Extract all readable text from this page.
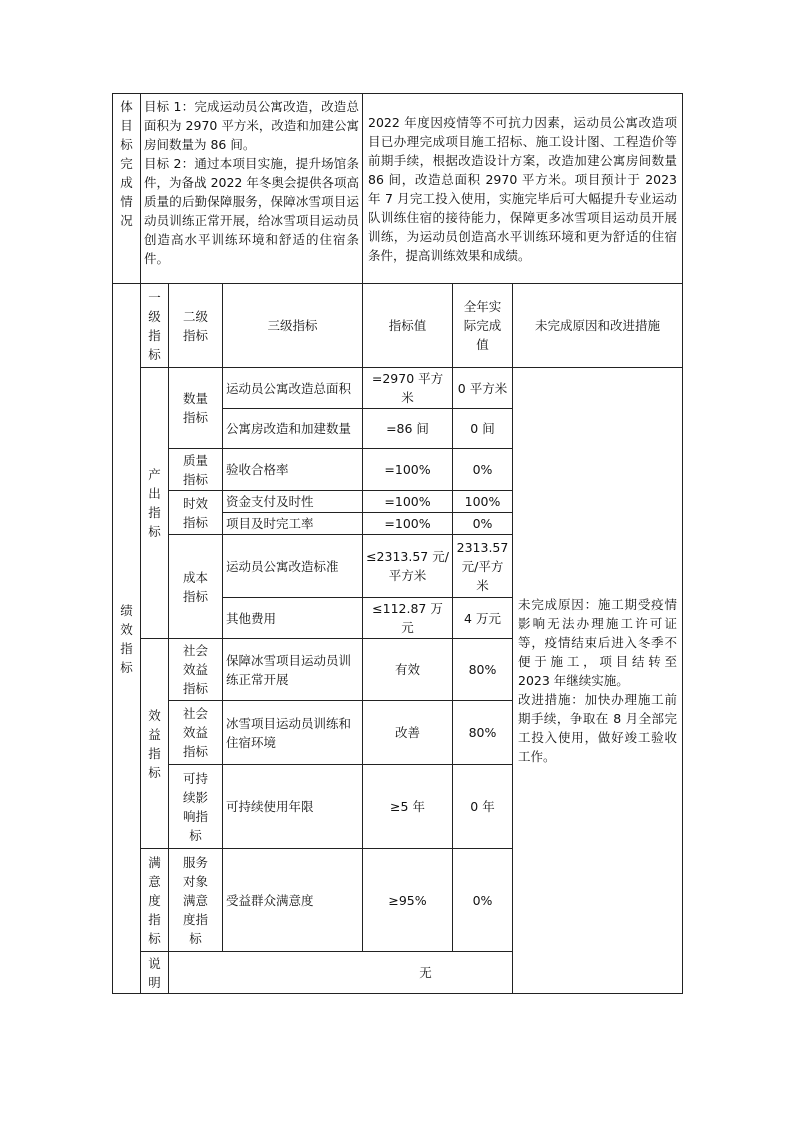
体目标完成情况	目标 1：完成运动员公寓改造，改造总面积为 2970 平方米，改造和加建公寓房间数量为 86 间。
目标 2：通过本项目实施，提升场馆条件，为备战 2022 年冬奥会提供各项高质量的后勤保障服务，保障冰雪项目运动员训练正常开展，给冰雪项目运动员创造高水平训练环境和舒适的住宿条件。			2022 年度因疫情等不可抗力因素，运动员公寓改造项目已办理完成项目施工招标、施工设计图、工程造价等前期手续，根据改造设计方案，改造加建公寓房间数量 86 间，改造总面积 2970 平方米。项目预计于 2023 年 7 月完工投入使用，实施完毕后可大幅提升专业运动队训练住宿的接待能力，保障更多冰雪项目运动员开展训练，为运动员创造高水平训练环境和更为舒适的住宿条件，提高训练效果和成绩。		
绩效指标	一级指标	二级指标	三级指标	指标值	全年实际完成值	未完成原因和改进措施
	产出指标	数量指标	运动员公寓改造总面积	=2970 平方米	0 平方米	未完成原因：施工期受疫情影响无法办理施工许可证等，疫情结束后进入冬季不便于施工，项目结转至 2023 年继续实施。
改进措施：加快办理施工前期手续，争取在 8 月全部完工投入使用，做好竣工验收工作。

			公寓房改造和加建数量	=86 间	0 间	
		质量指标	验收合格率	=100%	0%	
		时效指标	资金支付及时性	=100%	100%	
			项目及时完工率	=100%	0%	
		成本指标	运动员公寓改造标准	≤2313.57 元/平方米	2313.57 元/平方米	
			其他费用	≤112.87 万元	4 万元	
	效益指标	社会效益指标	保障冰雪项目运动员训练正常开展	有效	80%	
		社会效益指标	冰雪项目运动员训练和住宿环境	改善	80%	
		可持续影响指标	可持续使用年限	≥5 年	0 年	
	满意度指标	服务对象满意度指标	受益群众满意度	≥95%	0%	
	说明	无				
